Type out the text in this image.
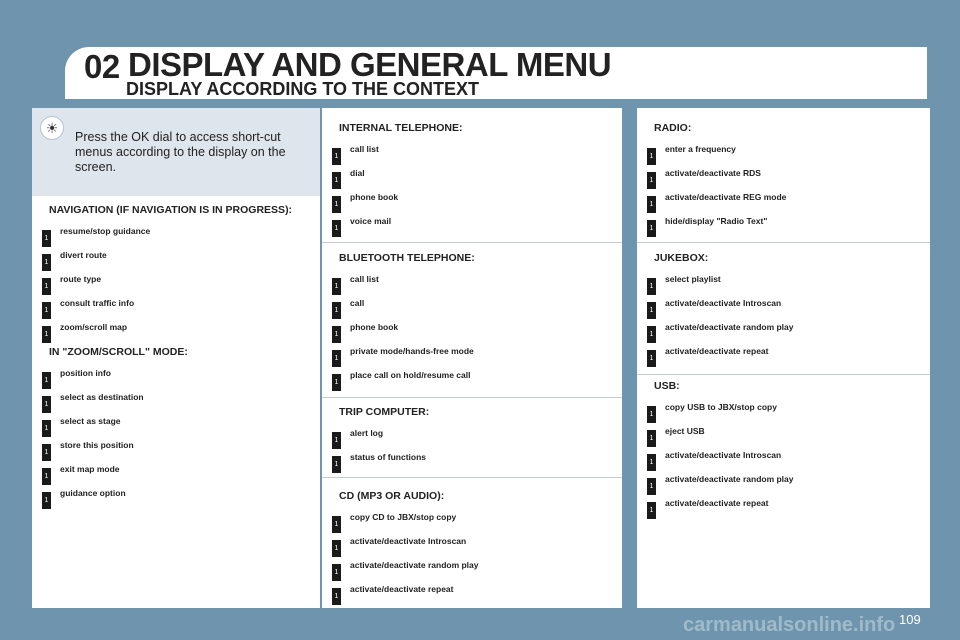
02 DISPLAY AND GENERAL MENU
DISPLAY ACCORDING TO THE CONTEXT
☀
Press the OK dial to access short-cut menus according to the display on the screen.
NAVIGATION (IF NAVIGATION IS IN PROGRESS):
1
resume/stop guidance
1
divert route
1
route type
1
consult traffic info
1
zoom/scroll map
IN "ZOOM/SCROLL" MODE:
1
position info
1
select as destination
1
select as stage
1
store this position
1
exit map mode
1
guidance option
INTERNAL TELEPHONE:
1
call list
1
dial
1
phone book
1
voice mail
BLUETOOTH TELEPHONE:
1
call list
1
call
1
phone book
1
private mode/hands-free mode
1
place call on hold/resume call
TRIP COMPUTER:
1
alert log
1
status of functions
CD (MP3 OR AUDIO):
1
copy CD to JBX/stop copy
1
activate/deactivate Introscan
1
activate/deactivate random play
1
activate/deactivate repeat
RADIO:
1
enter a frequency
1
activate/deactivate RDS
1
activate/deactivate REG mode
1
hide/display "Radio Text"
JUKEBOX:
1
select playlist
1
activate/deactivate Introscan
1
activate/deactivate random play
1
activate/deactivate repeat
USB:
1
copy USB to JBX/stop copy
1
eject USB
1
activate/deactivate Introscan
1
activate/deactivate random play
1
activate/deactivate repeat
carmanualsonline.info 109
